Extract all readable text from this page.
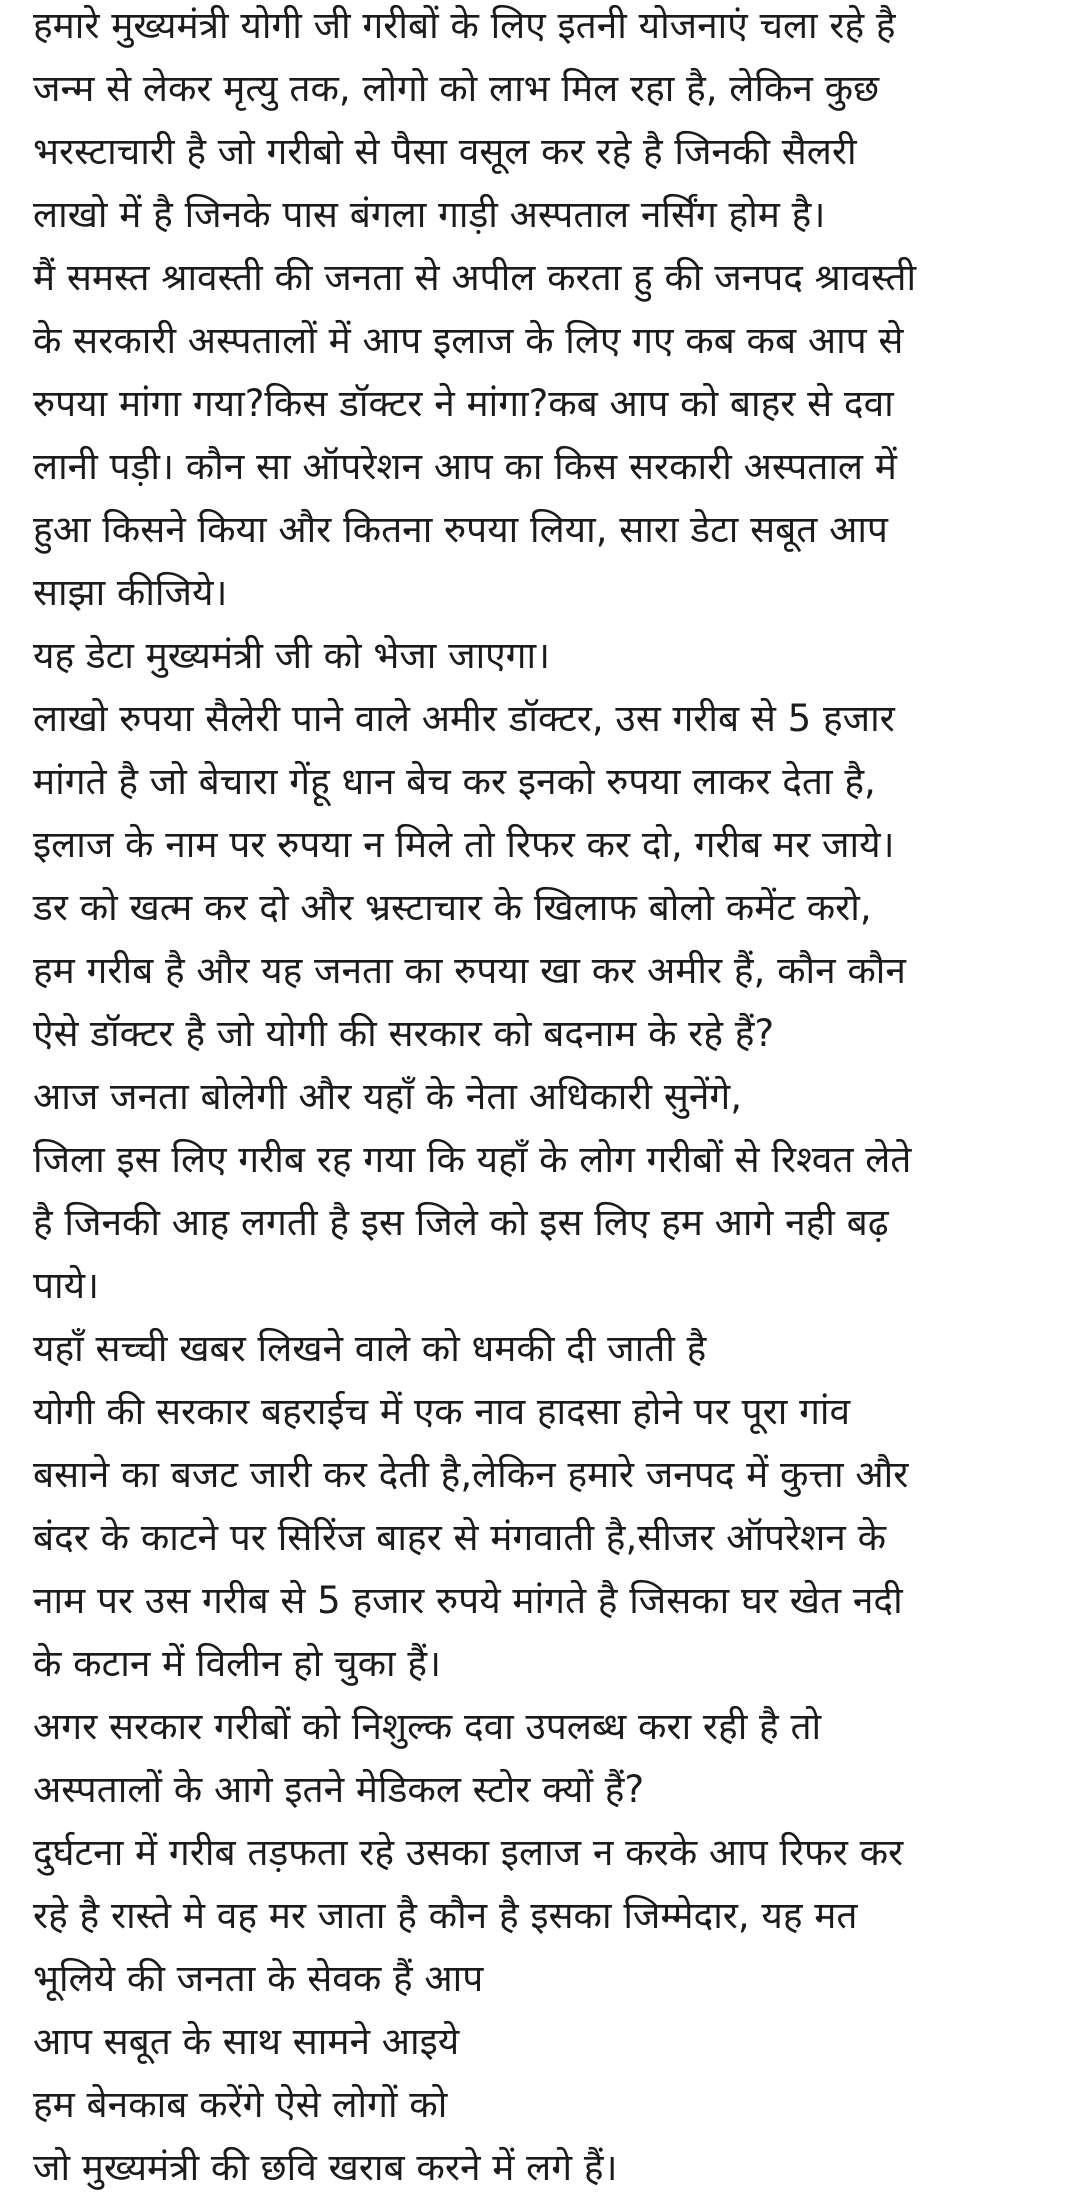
हमारे मुख्यमंत्री योगी जी गरीबों के लिए इतनी योजनाएं चला रहे है
जन्म से लेकर मृत्यु तक, लोगो को लाभ मिल रहा है, लेकिन कुछ
भरस्टाचारी है जो गरीबो से पैसा वसूल कर रहे है जिनकी सैलरी
लाखो में है जिनके पास बंगला गाड़ी अस्पताल नर्सिंग होम है।
मैं समस्त श्रावस्ती की जनता से अपील करता हु की जनपद श्रावस्ती
के सरकारी अस्पतालों में आप इलाज के लिए गए कब कब आप से
रुपया मांगा गया?किस डॉक्टर ने मांगा?कब आप को बाहर से दवा
लानी पड़ी। कौन सा ऑपरेशन आप का किस सरकारी अस्पताल में
हुआ किसने किया और कितना रुपया लिया, सारा डेटा सबूत आप
साझा कीजिये।
यह डेटा मुख्यमंत्री जी को भेजा जाएगा।
लाखो रुपया सैलेरी पाने वाले अमीर डॉक्टर, उस गरीब से 5 हजार
मांगते है जो बेचारा गेंहू धान बेच कर इनको रुपया लाकर देता है,
इलाज के नाम पर रुपया न मिले तो रिफर कर दो, गरीब मर जाये।
डर को खत्म कर दो और भ्रस्टाचार के खिलाफ बोलो कमेंट करो,
हम गरीब है और यह जनता का रुपया खा कर अमीर हैं, कौन कौन
ऐसे डॉक्टर है जो योगी की सरकार को बदनाम के रहे हैं?
आज जनता बोलेगी और यहाँ के नेता अधिकारी सुनेंगे,
जिला इस लिए गरीब रह गया कि यहाँ के लोग गरीबों से रिश्वत लेते
है जिनकी आह लगती है इस जिले को इस लिए हम आगे नही बढ़
पाये।
यहाँ सच्ची खबर लिखने वाले को धमकी दी जाती है
योगी की सरकार बहराईच में एक नाव हादसा होने पर पूरा गांव
बसाने का बजट जारी कर देती है,लेकिन हमारे जनपद में कुत्ता और
बंदर के काटने पर सिरिंज बाहर से मंगवाती है,सीजर ऑपरेशन के
नाम पर उस गरीब से 5 हजार रुपये मांगते है जिसका घर खेत नदी
के कटान में विलीन हो चुका हैं।
अगर सरकार गरीबों को निशुल्क दवा उपलब्ध करा रही है तो
अस्पतालों के आगे इतने मेडिकल स्टोर क्यों हैं?
दुर्घटना में गरीब तड़फता रहे उसका इलाज न करके आप रिफर कर
रहे है रास्ते मे वह मर जाता है कौन है इसका जिम्मेदार, यह मत
भूलिये की जनता के सेवक हैं आप
आप सबूत के साथ सामने आइये
हम बेनकाब करेंगे ऐसे लोगों को
जो मुख्यमंत्री की छवि खराब करने में लगे हैं।
